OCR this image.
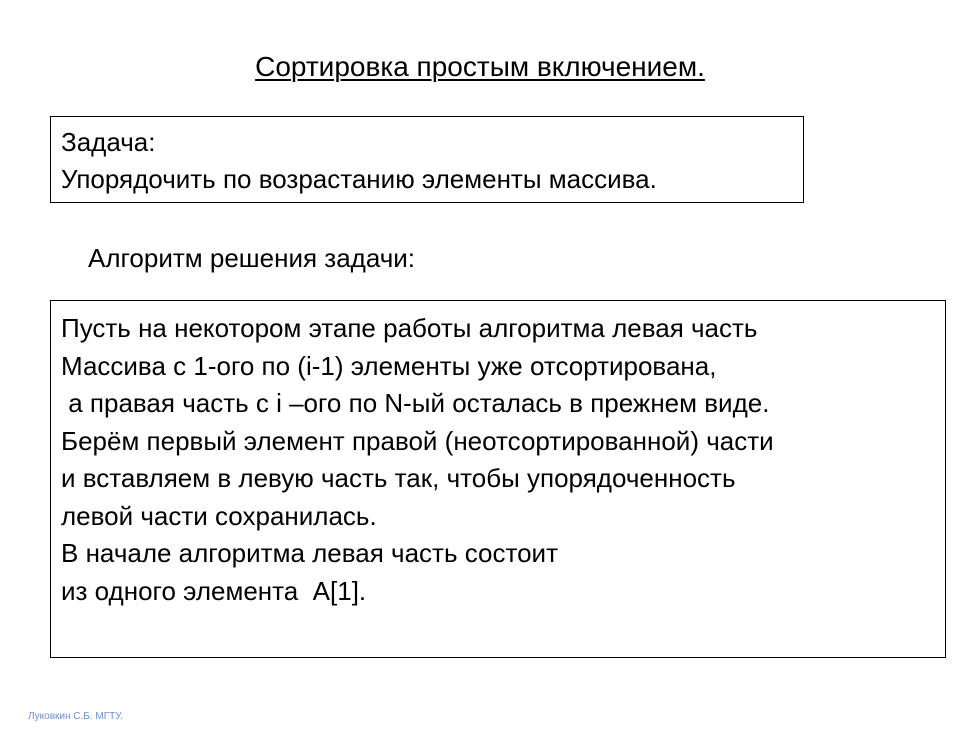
Сортировка простым включением.
Задача:
Упорядочить по возрастанию элементы массива.
Алгоритм решения задачи:
Пусть на некотором этапе работы алгоритма левая часть
Массива с 1-ого по (i-1) элементы уже отсортирована,
а правая часть с i –ого по N-ый осталась в прежнем виде.
Берём первый элемент правой (неотсортированной) части
и вставляем в левую часть так, чтобы упорядоченность
левой части сохранилась.
В начале алгоритма левая часть состоит
из одного элемента  A[1].
Луковкин С.Б. МГТУ.
